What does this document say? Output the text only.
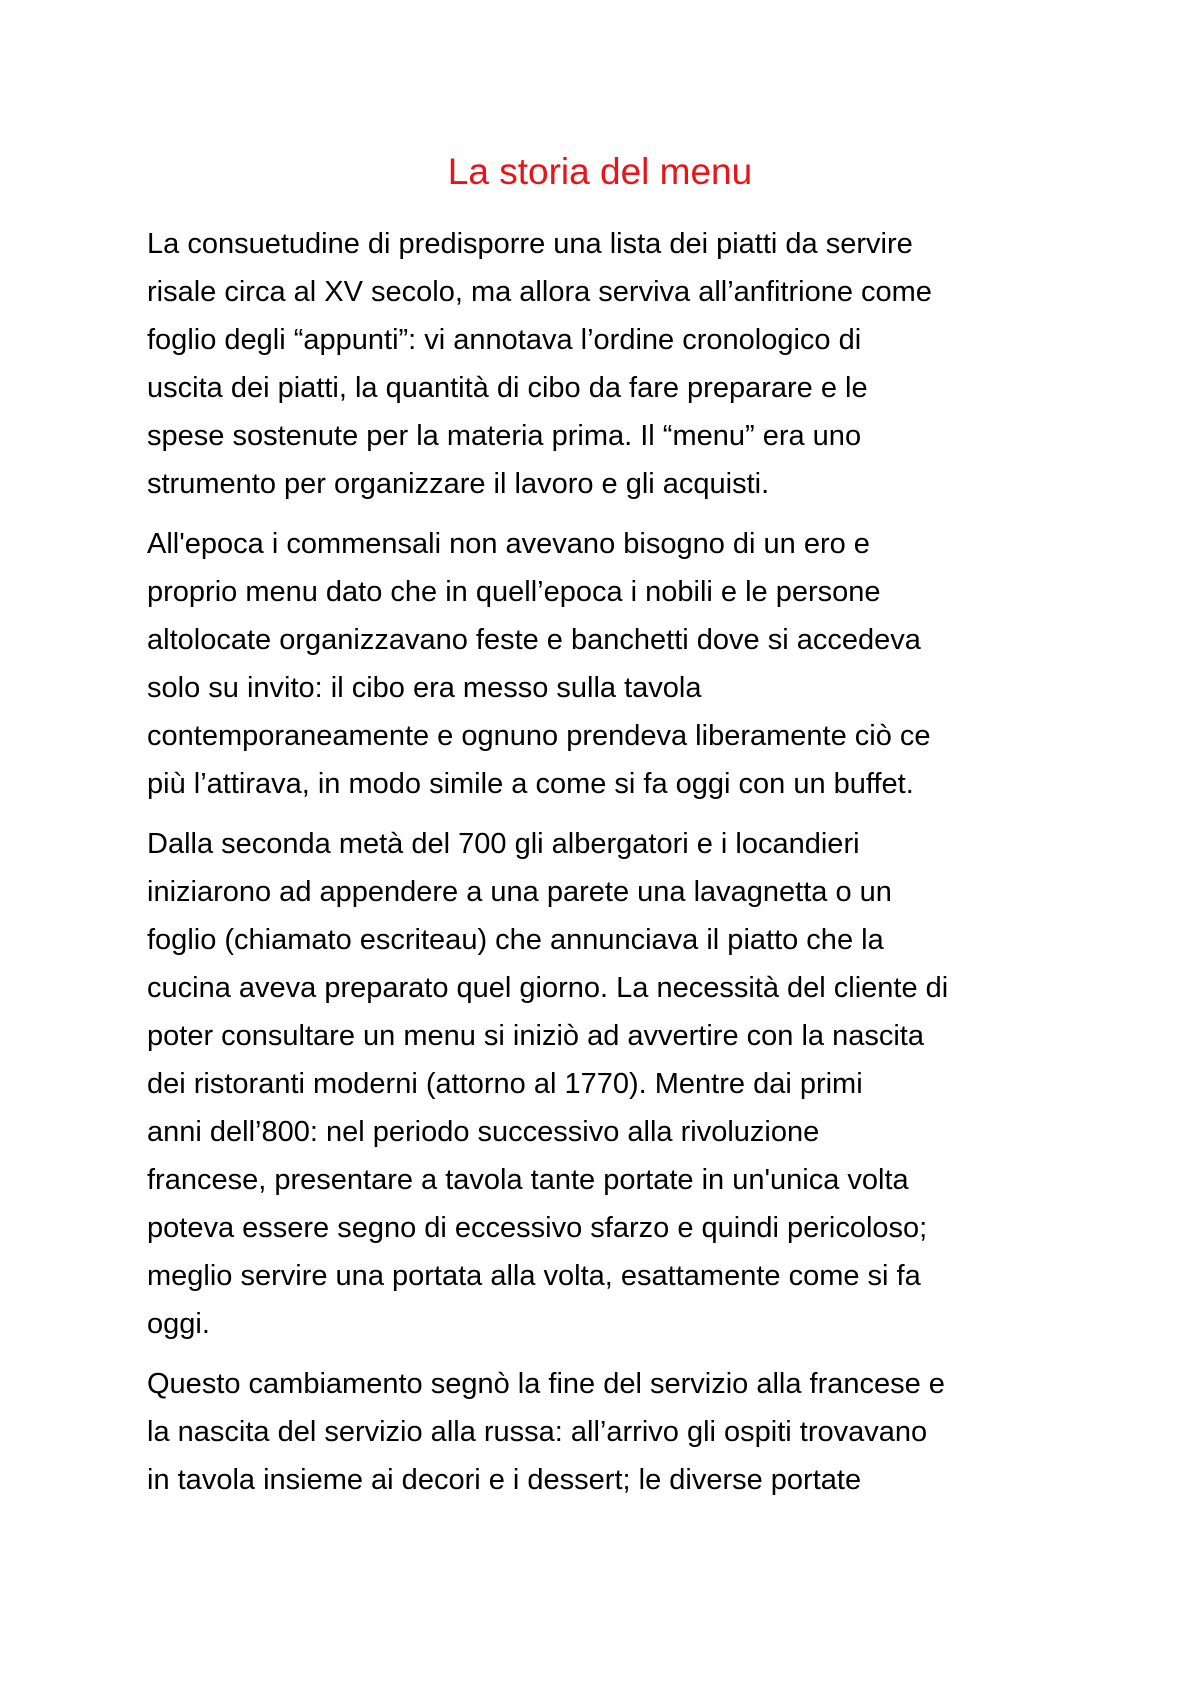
La storia del menu

La consuetudine di predisporre una lista dei piatti da servire
risale circa al XV secolo, ma allora serviva all’anfitrione come
foglio degli “appunti”: vi annotava l’ordine cronologico di
uscita dei piatti, la quantità di cibo da fare preparare e le
spese sostenute per la materia prima. Il “menu” era uno
strumento per organizzare il lavoro e gli acquisti.

All'epoca i commensali non avevano bisogno di un ero e
proprio menu dato che in quell’epoca i nobili e le persone
altolocate organizzavano feste e banchetti dove si accedeva
solo su invito: il cibo era messo sulla tavola
contemporaneamente e ognuno prendeva liberamente ciò ce
più l’attirava, in modo simile a come si fa oggi con un buffet.

Dalla seconda metà del 700 gli albergatori e i locandieri
iniziarono ad appendere a una parete una lavagnetta o un
foglio (chiamato escriteau) che annunciava il piatto che la
cucina aveva preparato quel giorno. La necessità del cliente di
poter consultare un menu si iniziò ad avvertire con la nascita
dei ristoranti moderni (attorno al 1770). Mentre dai primi
anni dell’800: nel periodo successivo alla rivoluzione
francese, presentare a tavola tante portate in un'unica volta
poteva essere segno di eccessivo sfarzo e quindi pericoloso;
meglio servire una portata alla volta, esattamente come si fa
oggi.

Questo cambiamento segnò la fine del servizio alla francese e
la nascita del servizio alla russa: all’arrivo gli ospiti trovavano
in tavola insieme ai decori e i dessert; le diverse portate
